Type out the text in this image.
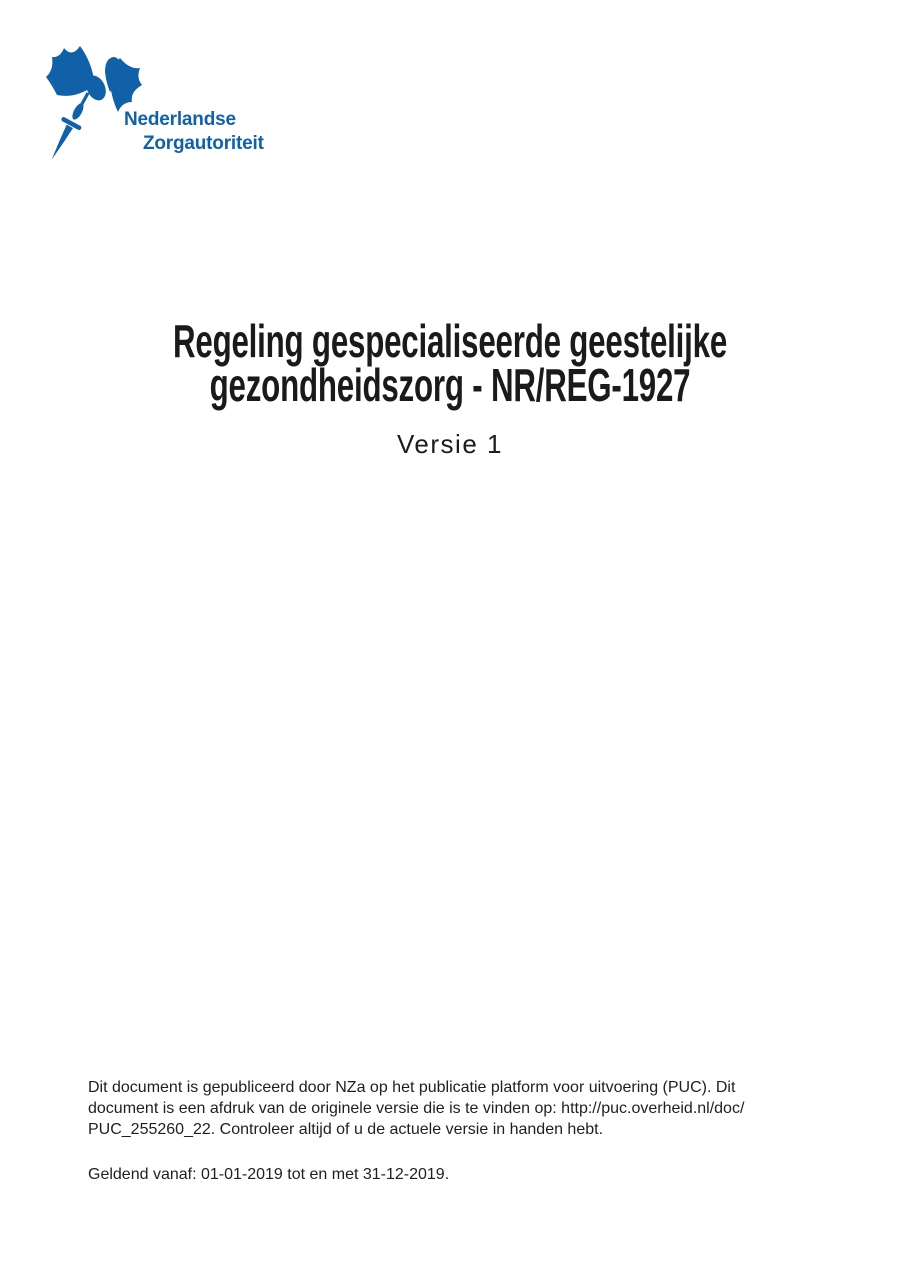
Nederlandse
Zorgautoriteit
Regeling gespecialiseerde geestelijke
gezondheidszorg - NR/REG-1927
Versie 1
Dit document is gepubliceerd door NZa op het publicatie platform voor uitvoering (PUC). Dit
document is een afdruk van de originele versie die is te vinden op: http://puc.overheid.nl/doc/
PUC_255260_22. Controleer altijd of u de actuele versie in handen hebt.
Geldend vanaf: 01-01-2019 tot en met 31-12-2019.
